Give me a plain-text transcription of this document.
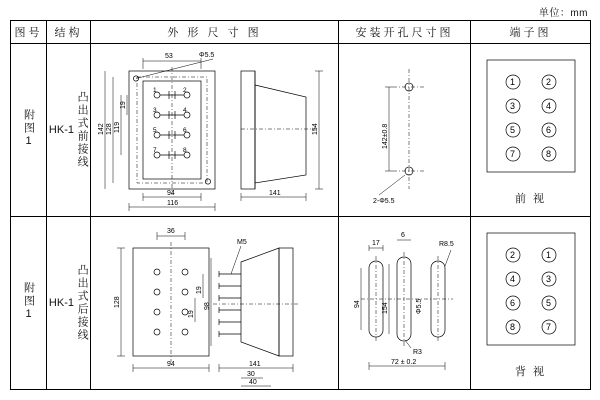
单位：mm
图号	结构	外 形 尺 寸 图	安装开孔尺寸图	端子图
附图1	HK-1 凸出式前接线

1	2
3	4
5	6
7	8
53	Φ5.5
142 128 119
19
94
116
154
141

142±0.8
2-Φ5.5

1	2
3	4
5	6
7	8
前 视

附图1	HK-1 凸出式后接线

36
128
94
M5
98
19
19
141
30
40

17
6
R8.5
94	154	Φ5.5
R3
72 ± 0.2

2	1
4	3
6	5
8	7
背 视
